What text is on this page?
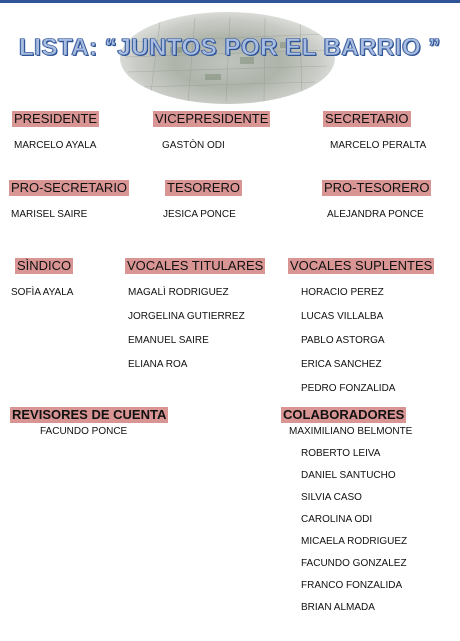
LISTA: “JUNTOS POR EL BARRIO ”
PRESIDENTE
MARCELO AYALA
VICEPRESIDENTE
GASTÒN ODI
SECRETARIO
MARCELO PERALTA
PRO-SECRETARIO
MARISEL SAIRE
TESORERO
JESICA PONCE
PRO-TESORERO
ALEJANDRA PONCE
SÌNDICO
SOFÌA AYALA
VOCALES TITULARES
MAGALÌ RODRIGUEZ
JORGELINA GUTIERREZ
EMANUEL SAIRE
ELIANA ROA
VOCALES SUPLENTES
HORACIO PEREZ
LUCAS VILLALBA
PABLO ASTORGA
ERICA SANCHEZ
PEDRO FONZALIDA
REVISORES DE CUENTA
FACUNDO PONCE
COLABORADORES
MAXIMILIANO BELMONTE
ROBERTO LEIVA
DANIEL SANTUCHO
SILVIA CASO
CAROLINA ODI
MICAELA RODRIGUEZ
FACUNDO GONZALEZ
FRANCO FONZALIDA
BRIAN ALMADA
